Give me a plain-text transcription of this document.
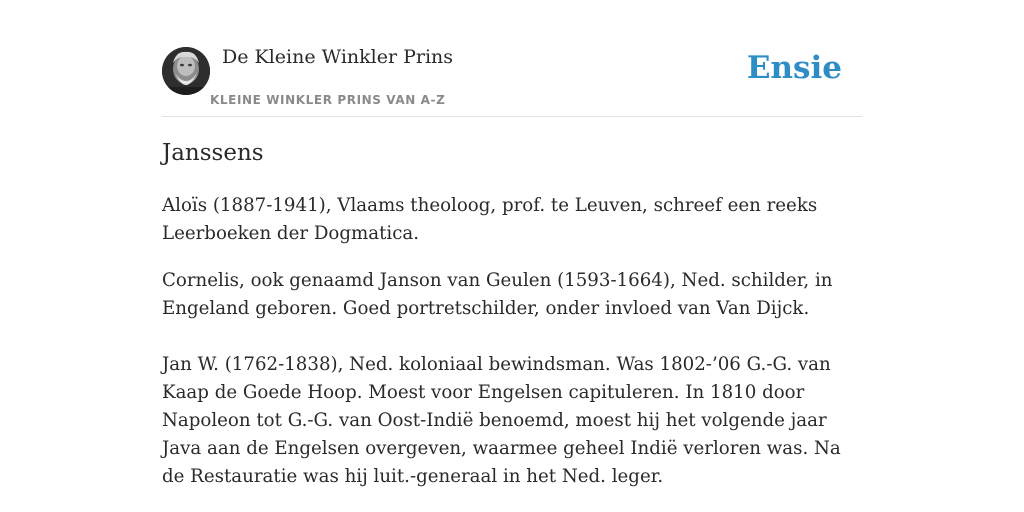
De Kleine Winkler Prins
KLEINE WINKLER PRINS VAN A-Z
Ensie
Janssens

Aloïs (1887-1941), Vlaams theoloog, prof. te Leuven, schreef een reeks Leerboeken der Dogmatica.

Cornelis, ook genaamd Janson van Geulen (1593-1664), Ned. schilder, in Engeland geboren. Goed portretschilder, onder invloed van Van Dijck.

Jan W. (1762-1838), Ned. koloniaal bewindsman. Was 1802-’06 G.-G. van Kaap de Goede Hoop. Moest voor Engelsen capituleren. In 1810 door Napoleon tot G.-G. van Oost-Indië benoemd, moest hij het volgende jaar Java aan de Engelsen overgeven, waarmee geheel Indië verloren was. Na de Restauratie was hij luit.-generaal in het Ned. leger.
